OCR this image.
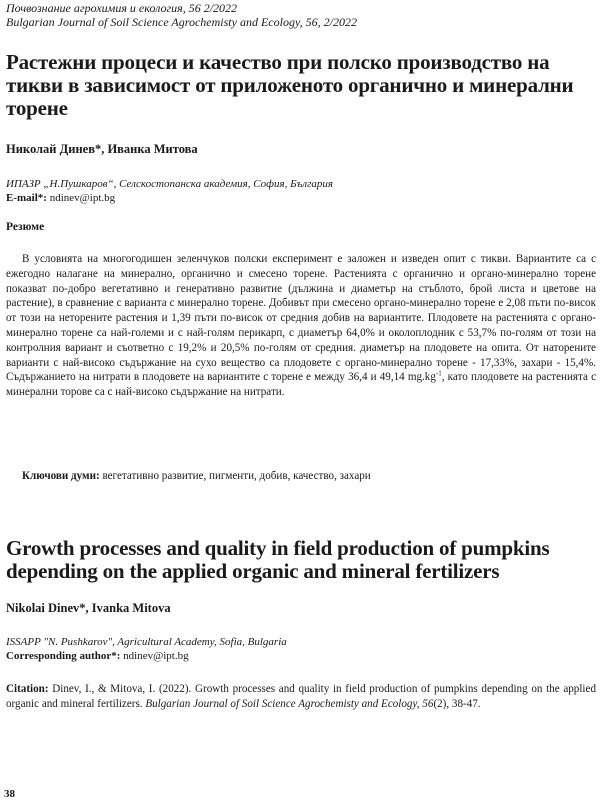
Почвознание агрохимия и екология, 56 2/2022
Bulgarian Journal of Soil Science Agrochemisty and Ecology, 56, 2/2022
Растежни процеси и качество при полско производство на тикви в зависимост от приложеното органично и минерални торене
Николай Динев*, Иванка Митова
ИПАЗР „Н.Пушкаров“, Селскостопанска академия, София, България
E-mail*: ndinev@ipt.bg
Резюме
В условията на многогодишен зеленчуков полски експеримент е заложен и изведен опит с тикви. Вариантите са с ежегодно налагане на минерално, органично и смесено торене. Растенията с органично и органо-минерално торене показват по-добро вегетативно и генеративно развитие (дължина и диаметър на стъблото, брой листа и цветове на растение), в сравнение с варианта с минерално торене. Добивът при смесено органо-минерално торене е 2,08 пъти по-висок от този на неторените растения и 1,39 пъти по-висок от средния добив на вариантите. Плодовете на растенията с органо-минерално торене са най-големи и с най-голям перикарп, с диаметър 64,0% и околоплодник с 53,7% по-голям от този на контролния вариант и съответно с 19,2% и 20,5% по-голям от средния. диаметър на плодовете на опита. От наторените варианти с най-високо съдържание на сухо вещество са плодовете с органо-минерално торене - 17,33%, захари - 15,4%. Съдържанието на нитрати в плодовете на вариантите с торене е между 36,4 и 49,14 $mg.kg^{-1}$, като плодовете на растенията с минерални торове са с най-високо съдържание на нитрати.
Ключови думи: вегетативно развитие, пигменти, добив, качество, захари
Growth processes and quality in field production of pumpkins depending on the applied organic and mineral fertilizers
Nikolai Dinev*, Ivanka Mitova
ISSAPP "N. Pushkarov", Agricultural Academy, Sofia, Bulgaria
Corresponding author*: ndinev@ipt.bg
Citation: Dinev, I., & Mitova, I. (2022). Growth processes and quality in field production of pumpkins depending on the applied organic and mineral fertilizers. Bulgarian Journal of Soil Science Agrochemisty and Ecology, 56(2), 38-47.
38
